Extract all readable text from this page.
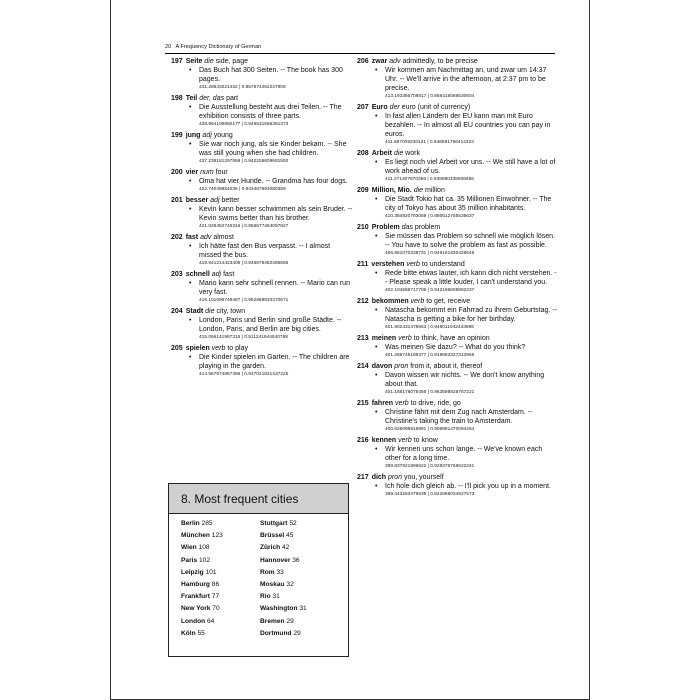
20 A Frequency Dictionary of German
197 Seite die side, page
• Das Buch hat 300 Seiten. -- The book has 300 pages.
431.28943221432 | 0.957874462247906
198 Teil der, das part
• Die Ausstellung besteht aus drei Teilen. -- The exhibition consists of three parts.
428.964109850177 | 0.946531566381373
199 jung adj young
• Sie war noch jung, als sie Kinder bekam. -- She was still young when she had children.
427.239181297559 | 0.942206609691592
200 vier num four
• Oma hat vier Hunde. -- Grandma has four dogs.
422.74049854036 | 0.943487893080359
201 besser adj better
• Kevin kann besser schwimmen als sein Bruder. -- Kevin swims better than his brother.
421.029452745316 | 0.956677454097827
202 fast adv almost
• Ich hätte fast den Bus verpasst. -- I almost missed the bus.
419.941214423406 | 0.946878482486656
203 schnell adj fast
• Mario kann sehr schnell rennen. -- Mario can run very fast.
416.101096746487 | 0.952869833370671
204 Stadt die city, town
• London, Paris und Berlin sind große Städte. -- London, Paris, and Berlin are big cities.
415.066141987316 | 0.911241944540788
205 spielen verb to play
• Die Kinder spielen im Garten. -- The children are playing in the garden.
414.967574867396 | 0.937021831437225
206 zwar adv admittedly, to be precise
• Wir kommen am Nachmittag an, und zwar um 14:37 Uhr. -- We'll arrive in the afternoon, at 2:37 pm to be precise.
413.193366708817 | 0.956416066530604
207 Euro der euro (unit of currency)
• In fast allen Ländern der EU kann man mit Euro bezahlen. -- In almost all EU countries you can pay in euros.
411.567009230121 | 0.846581766414223
208 Arbeit die work
• Es liegt noch viel Arbeit vor uns. -- We still have a lot of work ahead of us.
411.271307870358 | 0.938990338606656
209 Million, Mio. die million
• Die Stadt Tokio hat ca. 35 Millionen Einwohner. -- The city of Tokyo has about 35 million inhabitants.
410.384820793069 | 0.880612755535637
210 Problem das problem
• Sie müssen das Problem so schnell wie möglich lösen. -- You have to solve the problem as fast as possible.
406.881070338731 | 0.946161930428546
211 verstehen verb to understand
• Rede bitte etwas lauter, ich kann dich nicht verstehen. -- Please speak a little louder, I can't understand you.
402.104566717706 | 0.942186608982237
212 bekommen verb to get, receive
• Natascha bekommt ein Fahrrad zu ihrem Geburtstag. -- Natascha is getting a bike for her birthday.
401.902431478663 | 0.948011042443986
213 meinen verb to think, have an opinion
• Was meinen Sie dazu? -- What do you think?
401.266745198377 | 0.919693327313965
214 davon pron from it, about it, thereof
• Davon wissen wir nichts. -- We don't know anything about that.
401.168178078456 | 0.963598828767221
215 fahren verb to drive, ride, go
• Christine fährt mit dem Zug nach Amsterdam. -- Christine's taking the train to Amsterdam.
400.626098918891 | 0.906981470094264
216 kennen verb to know
• Wir kennen uns schon lange. -- We've known each other for a long time.
399.837921996622 | 0.929376766622241
217 dich pron you, yourself
• Ich hole dich gleich ab. -- I'll pick you up in a moment.
399.443263479838 | 0.822866034827573
8. Most frequent cities
Berlin 285
München 123
Wien 108
Paris 102
Leipzig 101
Hamburg 86
Frankfurt 77
New York 70
London 64
Köln 55
Stuttgart 52
Brüssel 45
Zürich 42
Hannover 36
Rom 33
Moskau 32
Rio 31
Washington 31
Bremen 29
Dortmund 29
